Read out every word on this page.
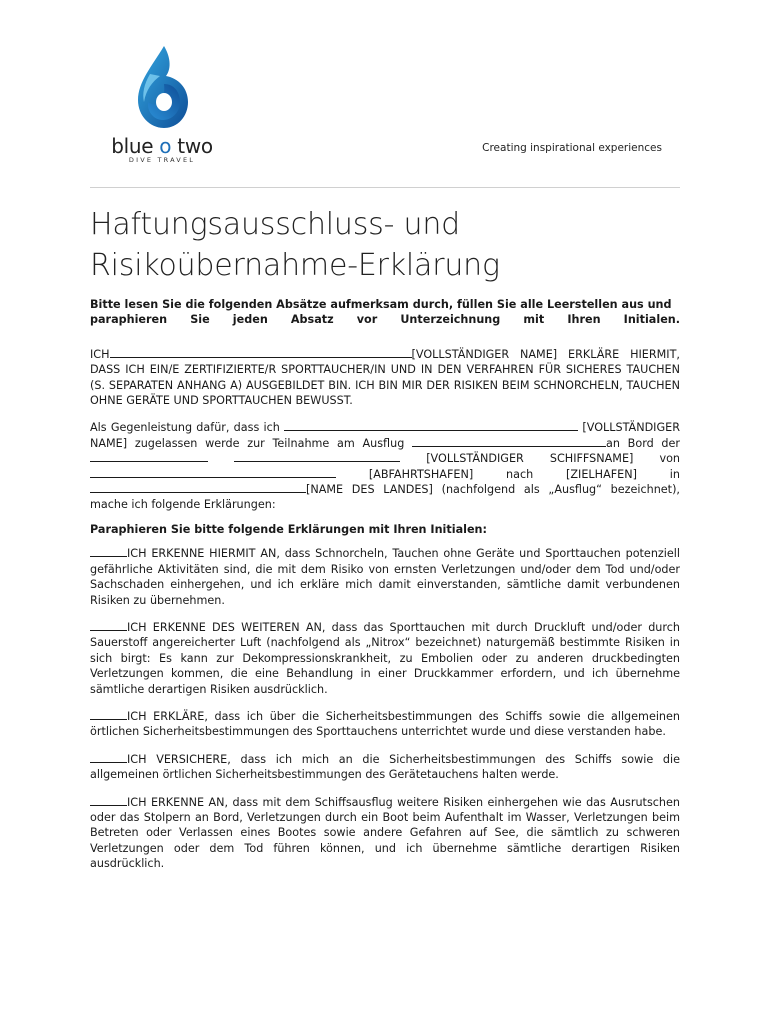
blue o two
DIVE TRAVEL
Creating inspirational experiences
Haftungsausschluss- und
Risikoübernahme-Erklärung
Bitte lesen Sie die folgenden Absätze aufmerksam durch, füllen Sie alle Leerstellen aus und
paraphieren Sie jeden Absatz vor Unterzeichnung mit Ihren Initialen.

ICH	[VOLLSTÄNDIGER NAME] ERKLÄRE HIERMIT, DASS ICH EIN/E ZERTIFIZIERTE/R SPORTTAUCHER/IN UND IN DEN VERFAHREN FÜR SICHERES TAUCHEN (S. SEPARATEN ANHANG A) AUSGEBILDET BIN. ICH BIN MIR DER RISIKEN BEIM SCHNORCHELN, TAUCHEN OHNE GERÄTE UND SPORTTAUCHEN BEWUSST.

Als Gegenleistung dafür, dass ich	[VOLLSTÄNDIGER NAME] zugelassen werde zur Teilnahme am Ausflug	an Bord der   [VOLLSTÄNDIGER SCHIFFSNAME] von  [ABFAHRTSHAFEN] nach [ZIELHAFEN] in[NAME DES LANDES] (nachfolgend als „Ausflug“ bezeichnet), mache ich folgende Erklärungen:

Paraphieren Sie bitte folgende Erklärungen mit Ihren Initialen:

ICH ERKENNE HIERMIT AN, dass Schnorcheln, Tauchen ohne Geräte und Sporttauchen potenziell gefährliche Aktivitäten sind, die mit dem Risiko von ernsten Verletzungen und/oder dem Tod und/oder Sachschaden einhergehen, und ich erkläre mich damit einverstanden, sämtliche damit verbundenen Risiken zu übernehmen.

ICH ERKENNE DES WEITEREN AN, dass das Sporttauchen mit durch Druckluft und/oder durch Sauerstoff angereicherter Luft (nachfolgend als „Nitrox“ bezeichnet) naturgemäß bestimmte Risiken in sich birgt: Es kann zur Dekompressionskrankheit, zu Embolien oder zu anderen druckbedingten Verletzungen kommen, die eine Behandlung in einer Druckkammer erfordern, und ich übernehme sämtliche derartigen Risiken ausdrücklich.

ICH ERKLÄRE, dass ich über die Sicherheitsbestimmungen des Schiffs sowie die allgemeinen örtlichen Sicherheitsbestimmungen des Sporttauchens unterrichtet wurde und diese verstanden habe.

ICH VERSICHERE, dass ich mich an die Sicherheitsbestimmungen des Schiffs sowie die allgemeinen örtlichen Sicherheitsbestimmungen des Gerätetauchens halten werde.

ICH ERKENNE AN, dass mit dem Schiffsausflug weitere Risiken einhergehen wie das Ausrutschen oder das Stolpern an Bord, Verletzungen durch ein Boot beim Aufenthalt im Wasser, Verletzungen beim Betreten oder Verlassen eines Bootes sowie andere Gefahren auf See, die sämtlich zu schweren Verletzungen oder dem Tod führen können, und ich übernehme sämtliche derartigen Risiken ausdrücklich.
